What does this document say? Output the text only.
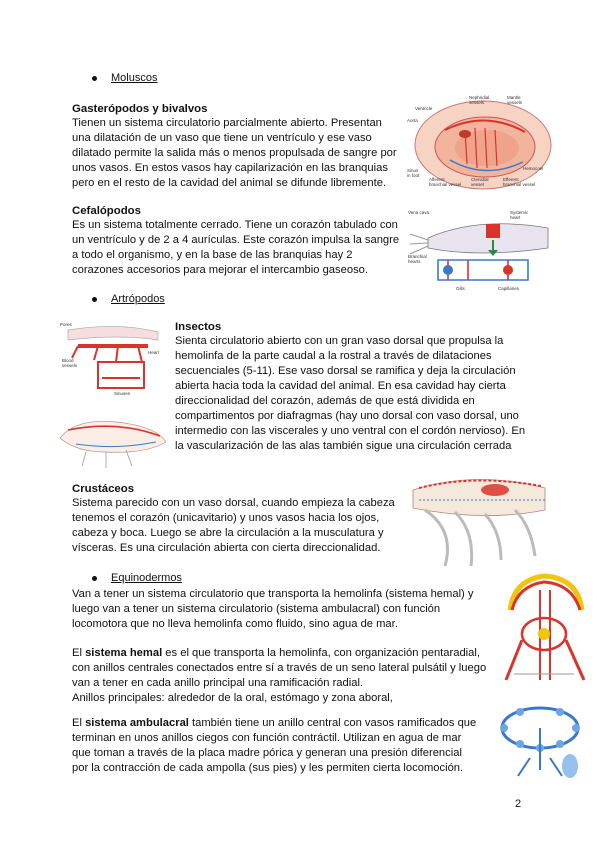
Moluscos

Gasterópodos y bivalvos

Tienen un sistema circulatorio parcialmente abierto. Presentan

una dilatación de un vaso que tiene un ventrículo y ese vaso

dilatado permite la salida más o menos propulsada de sangre por

unos vasos. En estos vasos hay capilarización en las branquias

pero en el resto de la cavidad del animal se difunde libremente.

Nephridial
vessels
Mantle
vessels
Ventricle
Aorta
Sinus
in foot
Afferent
branchial vessel
Ctenidial
vessel
Efferent
branchial vessel
Hemocoel

Cefalópodos

Es un sistema totalmente cerrado. Tiene un corazón tabulado con

un ventrículo y de 2 a 4 aurículas. Este corazón impulsa la sangre

a todo el organismo, y en la base de las branquias hay 2

corazones accesorios para mejorar el intercambio gaseoso.

Vena cava	Systemic
heart
Branchial
hearts
Gills	Capillaries
Artrópodos
Pores
Heart
Blood
vessels
Sinuses

Insectos

Sienta circulatorio abierto con un gran vaso dorsal que propulsa la

hemolinfa de la parte caudal a la rostral a través de dilataciones

secuenciales (5-11). Ese vaso dorsal se ramifica y deja la circulación

abierta hacia toda la cavidad del animal. En esa cavidad hay cierta

direccionalidad del corazón, además de que está dividida en

compartimentos por diafragmas (hay uno dorsal con vaso dorsal, uno

intermedio con las viscerales y uno ventral con el cordón nervioso). En

la vascularización de las alas también sigue una circulación cerrada

Crustáceos

Sistema parecido con un vaso dorsal, cuando empieza la cabeza

tenemos el corazón (unicavitario) y unos vasos hacia los ojos,

cabeza y boca. Luego se abre la circulación a la musculatura y

vísceras. Es una circulación abierta con cierta direccionalidad.

Equinodermos

Van a tener un sistema circulatorio que transporta la hemolinfa (sistema hemal) y

luego van a tener un sistema circulatorio (sistema ambulacral) con función

locomotora que no lleva hemolinfa como fluido, sino agua de mar.

El sistema hemal es el que transporta la hemolinfa, con organización pentaradial,

con anillos centrales conectados entre sí a través de un seno lateral pulsátil y luego

van a tener en cada anillo principal una ramificación radial.

Anillos principales: alrededor de la oral, estómago y zona aboral,

El sistema ambulacral también tiene un anillo central con vasos ramificados que

terminan en unos anillos ciegos con función contráctil. Utilizan en agua de mar

que toman a través de la placa madre pórica y generan una presión diferencial

por la contracción de cada ampolla (sus pies) y les permiten cierta locomoción.

2
